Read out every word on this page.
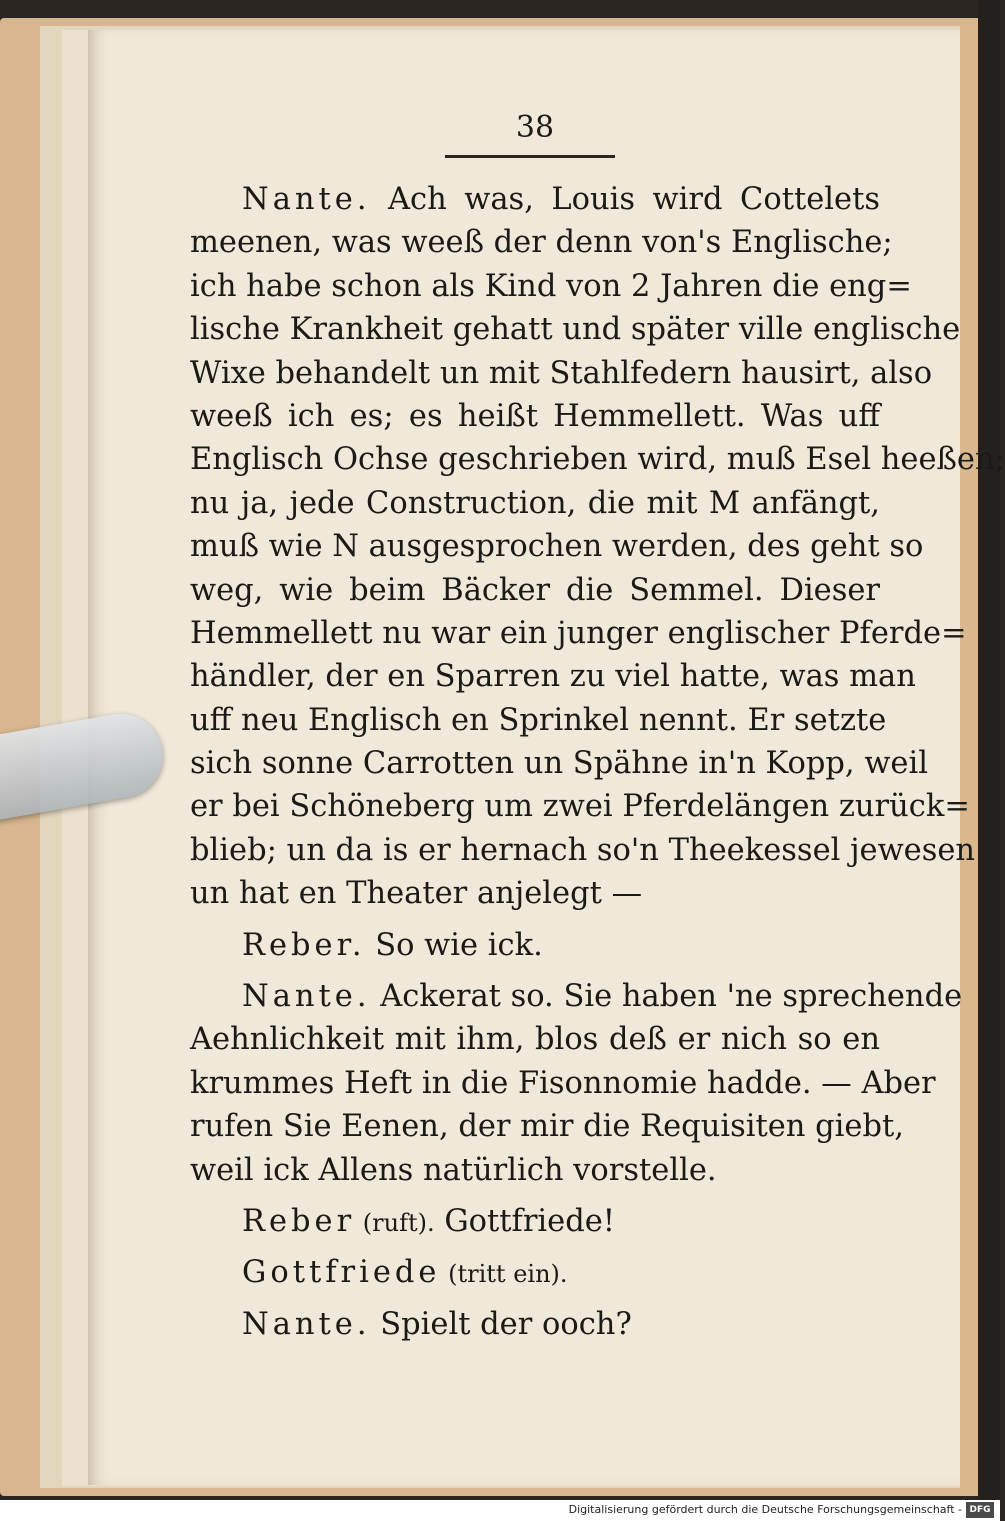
38
Nante. Ach was, Louis wird Cottelets
meenen, was weeß der denn von's Englische;
ich habe schon als Kind von 2 Jahren die eng=
lische Krankheit gehatt und später ville englische
Wixe behandelt un mit Stahlfedern hausirt, also
weeß ich es; es heißt Hemmellett. Was uff
Englisch Ochse geschrieben wird, muß Esel heeßen;
nu ja, jede Construction, die mit M anfängt,
muß wie N ausgesprochen werden, des geht so
weg, wie beim Bäcker die Semmel. Dieser
Hemmellett nu war ein junger englischer Pferde=
händler, der en Sparren zu viel hatte, was man
uff neu Englisch en Sprinkel nennt. Er setzte
sich sonne Carrotten un Spähne in'n Kopp, weil
er bei Schöneberg um zwei Pferdelängen zurück=
blieb; un da is er hernach so'n Theekessel jewesen
un hat en Theater anjelegt —
Reber. So wie ick.
Nante. Ackerat so. Sie haben 'ne sprechende
Aehnlichkeit mit ihm, blos deß er nich so en
krummes Heft in die Fisonnomie hadde. — Aber
rufen Sie Eenen, der mir die Requisiten giebt,
weil ick Allens natürlich vorstelle.
Reber (ruft). Gottfriede!
Gottfriede (tritt ein).
Nante. Spielt der ooch?
Digitalisierung gefördert durch die Deutsche Forschungsgemeinschaft - DFG
